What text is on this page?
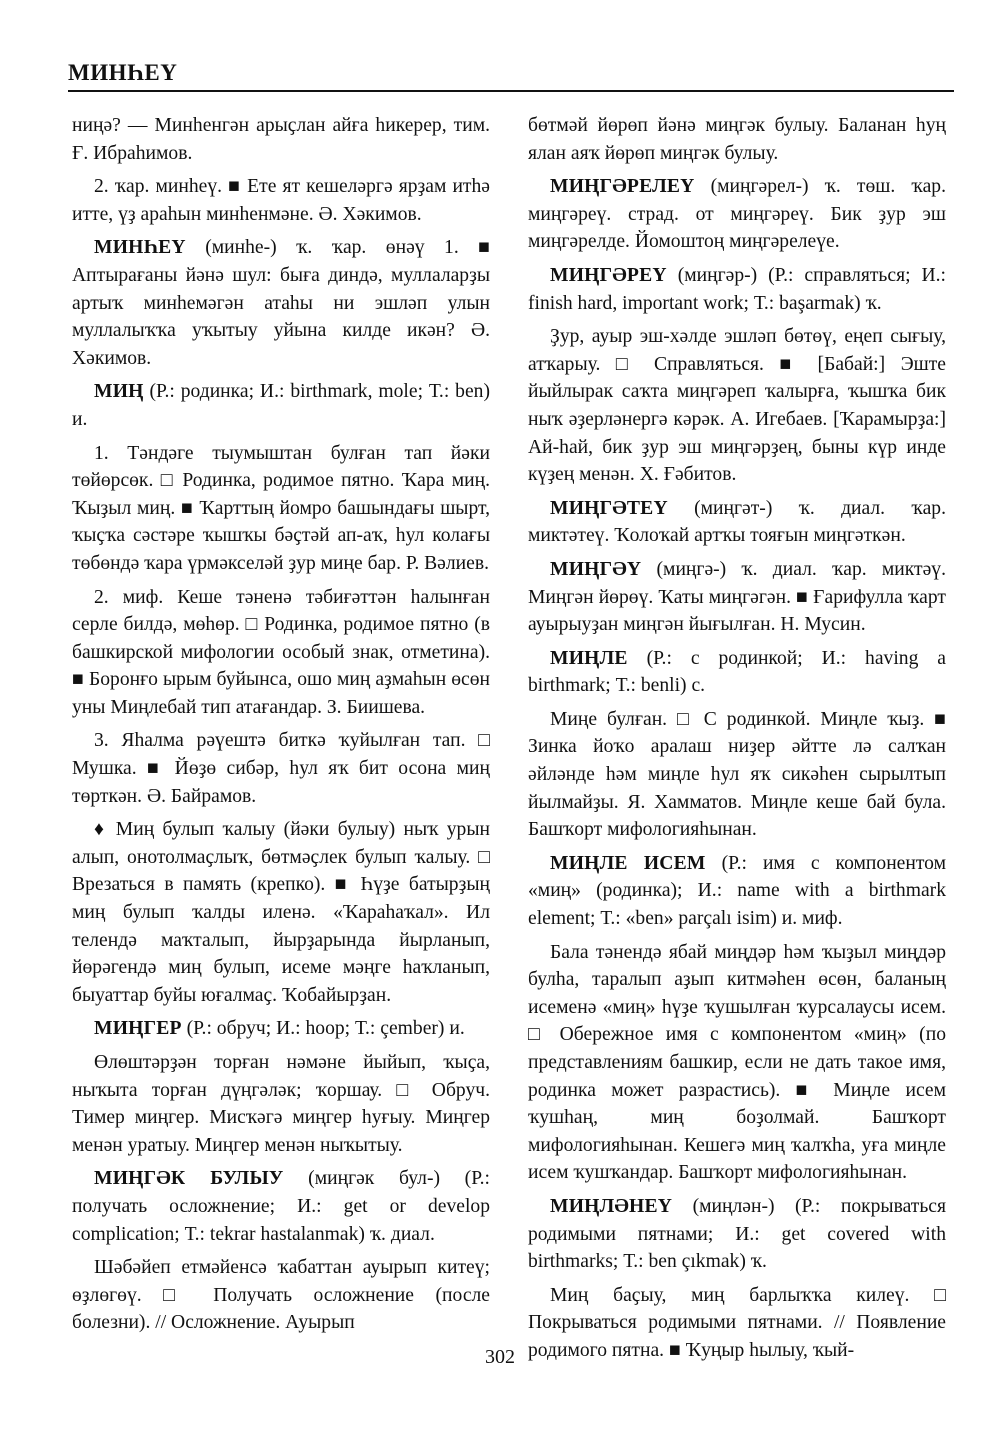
МИНҺЕҮ

ниңә? — Минһенгән арыҫлан айға һикерер, тим. Ғ. Ибраһимов.

2. ҡар. минһеү. ■ Ете ят кешеләргә ярҙам итһә итте, үҙ араһын минһенмәне. Ә. Хәкимов.

МИНҺЕҮ (минһе-) ҡ. ҡар. өнәү 1. ■ Аптырағаны йәнә шул: быға диндә, муллаларҙы артыҡ минһемәгән атаһы ни эшләп улын муллалыҡҡа уҡытыу уйына килде икән? Ә. Хәкимов.

МИҢ (Р.: родинка; И.: birthmark, mole; Т.: ben) и.

1. Тәндәге тыумыштан булған тап йәки төйөрсөк. □ Родинка, родимое пятно. Ҡара миң. Ҡыҙыл миң. ■ Ҡарттың йомро башындағы шырт, ҡыҫҡа сәстәре ҡышҡы бәҫтәй ап-аҡ, һул колағы төбөндә ҡара үрмәкселәй ҙур миңе бар. Р. Вәлиев.

2. миф. Кеше тәненә тәбиғәттән һалынған серле билдә, мөһөр. □ Родинка, родимое пятно (в башкирской мифологии особый знак, отметина). ■ Боронғо ырым буйынса, ошо миң аҙмаһын өсөн уны Миңлебай тип атағандар. З. Биишева.

3. Яһалма рәүештә биткә ҡуйылған тап. □ Мушка. ■ Йөҙө сибәр, һул яҡ бит осона миң төрткән. Ә. Байрамов.

♦ Миң булып ҡалыу (йәки булыу) ныҡ урын алып, онотолмаҫлыҡ, бөтмәҫлек булып ҡалыу. □ Врезаться в память (крепко). ■ Һүҙе батырҙың миң булып ҡалды иленә. «Ҡараһаҡал». Ил телендә маҡталып, йырҙарында йырланып, йөрәгендә миң булып, исеме мәңге һаҡланып, быуаттар буйы юғалмаҫ. Ҡобайырҙан.

МИҢГЕР (Р.: обруч; И.: hoop; Т.: çember) и.

Өлөштәрҙән торған нәмәне йыйып, ҡыҫа, ныҡыта торған дүңгәләк; ҡоршау. □ Обруч. Тимер миңгер. Мисҡәгә миңгер һуғыу. Миңгер менән уратыу. Миңгер менән ныҡытыу.

МИҢГӘК БУЛЫУ (миңгәк бул-) (Р.: получать осложнение; И.: get or develop complication; Т.: tekrar hastalanmak) ҡ. диал.

Шәбәйеп етмәйенсә ҡабаттан ауырып китеү; өҙлөгөү. □ Получать осложнение (после болезни). // Осложнение. Ауырып

бөтмәй йөрөп йәнә миңгәк булыу. Баланан һуң ялан аяҡ йөрөп миңгәк булыу.

МИҢГӘРЕЛЕҮ (миңгәрел-) ҡ. төш. ҡар. миңгәреү. страд. от миңгәреү. Бик ҙур эш миңгәрелде. Йомоштоң миңгәрелеүе.

МИҢГӘРЕҮ (миңгәр-) (Р.: справляться; И.: finish hard, important work; Т.: başarmak) ҡ.

Ҙур, ауыр эш-хәлде эшләп бөтөү, еңеп сығыу, атҡарыу. □ Справляться. ■ [Бабай:] Эште йыйлырак саҡта миңгәреп ҡалырға, ҡышҡа бик ныҡ әҙерләнергә кәрәк. А. Игебаев. [Ҡарамырҙа:] Ай-һай, бик ҙур эш миңгәрҙең, быны күр инде күҙең менән. Х. Ғәбитов.

МИҢГӘТЕҮ (миңгәт-) ҡ. диал. ҡар. миктәтеү. Ҡолоҡай артҡы тояғын миңгәткән.

МИҢГӘҮ (миңгә-) ҡ. диал. ҡар. миктәү. Миңгән йөрөү. Ҡаты миңгәгән. ■ Ғарифулла ҡарт ауырыуҙан миңгән йығылған. Н. Мусин.

МИҢЛЕ (Р.: с родинкой; И.: having a birthmark; Т.: benli) с.

Миңе булған. □ С родинкой. Миңле ҡыҙ. ■ Зинка йоҡо аралаш ниҙер әйтте лә салҡан әйләнде һәм миңле һул яҡ сикәһен сырылтып йылмайҙы. Я. Хамматов. Миңле кеше бай була. Башҡорт мифологияһынан.

МИҢЛЕ ИСЕМ (Р.: имя с компонентом «миң» (родинка); И.: name with a birthmark element; Т.: «ben» parçalı isim) и. миф.

Бала тәнендә ябай миңдәр һәм ҡыҙыл миңдәр булһа, таралып аҙып китмәһен өсөн, баланың исеменә «миң» һүҙе ҡушылған ҡурсалаусы исем. □ Обережное имя с компонентом «миң» (по представлениям башкир, если не дать такое имя, родинка может разрастись). ■ Миңле исем ҡушһаң, миң боҙолмай. Башҡорт мифологияһынан. Кешегә миң ҡалҡһа, уға миңле исем ҡушҡандар. Башҡорт мифологияһынан.

МИҢЛӘНЕҮ (миңлән-) (Р.: покрываться родимыми пятнами; И.: get covered with birthmarks; Т.: ben çıkmak) ҡ.

Миң баҫыу, миң барлыҡҡа килеү. □ Покрываться родимыми пятнами. // Появление родимого пятна. ■ Ҡуңыр һылыу, ҡый-

302
